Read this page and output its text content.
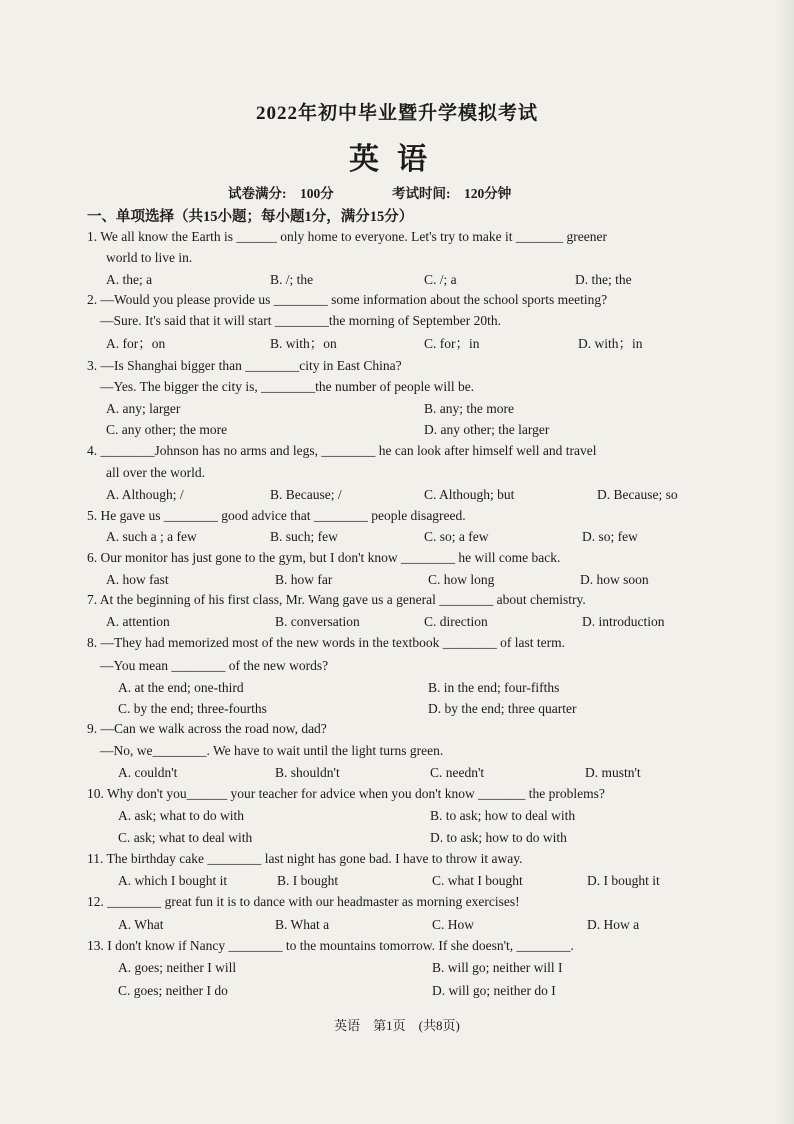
2022年初中毕业暨升学模拟考试
英语
试卷满分:　100分	考试时间:　120分钟
一、单项选择（共15小题；每小题1分，满分15分）
1. We all know the Earth is ______ only home to everyone. Let's try to make it _______ greener
world to live in.
A. the; a	B. /; the	C. /; a	D. the; the
2. —Would you please provide us ________ some information about the school sports meeting?
—Sure. It's said that it will start ________the morning of September 20th.
A. for；on	B. with；on	C. for；in	D. with；in
3. —Is Shanghai bigger than ________city in East China?
—Yes. The bigger the city is, ________the number of people will be.
A. any; larger	B. any; the more
C. any other; the more	D. any other; the larger
4. ________Johnson has no arms and legs, ________ he can look after himself well and travel
all over the world.
A. Although; /	B. Because; /	C. Although; but	D. Because; so
5. He gave us ________ good advice that ________ people disagreed.
A. such a ; a few	B. such; few	C. so; a few	D. so; few
6. Our monitor has just gone to the gym, but I don't know ________ he will come back.
A. how fast	B. how far	C. how long	D. how soon
7. At the beginning of his first class, Mr. Wang gave us a general ________ about chemistry.
A. attention	B. conversation	C. direction	D. introduction
8. —They had memorized most of the new words in the textbook ________ of last term.
—You mean ________ of the new words?
A. at the end; one-third	B. in the end; four-fifths
C. by the end; three-fourths	D. by the end; three quarter
9. —Can we walk across the road now, dad?
—No, we________. We have to wait until the light turns green.
A. couldn't	B. shouldn't	C. needn't	D. mustn't
10. Why don't you______ your teacher for advice when you don't know _______ the problems?
A. ask; what to do with	B. to ask; how to deal with
C. ask; what to deal with	D. to ask; how to do with
11. The birthday cake ________ last night has gone bad. I have to throw it away.
A. which I bought it	B. I bought	C. what I bought	D. I bought it
12. ________ great fun it is to dance with our headmaster as morning exercises!
A. What	B. What a	C. How	D. How a
13. I don't know if Nancy ________ to the mountains tomorrow. If she doesn't, ________.
A. goes; neither I will	B. will go; neither will I
C. goes; neither I do	D. will go; neither do I
英语　第1页　(共8页)
